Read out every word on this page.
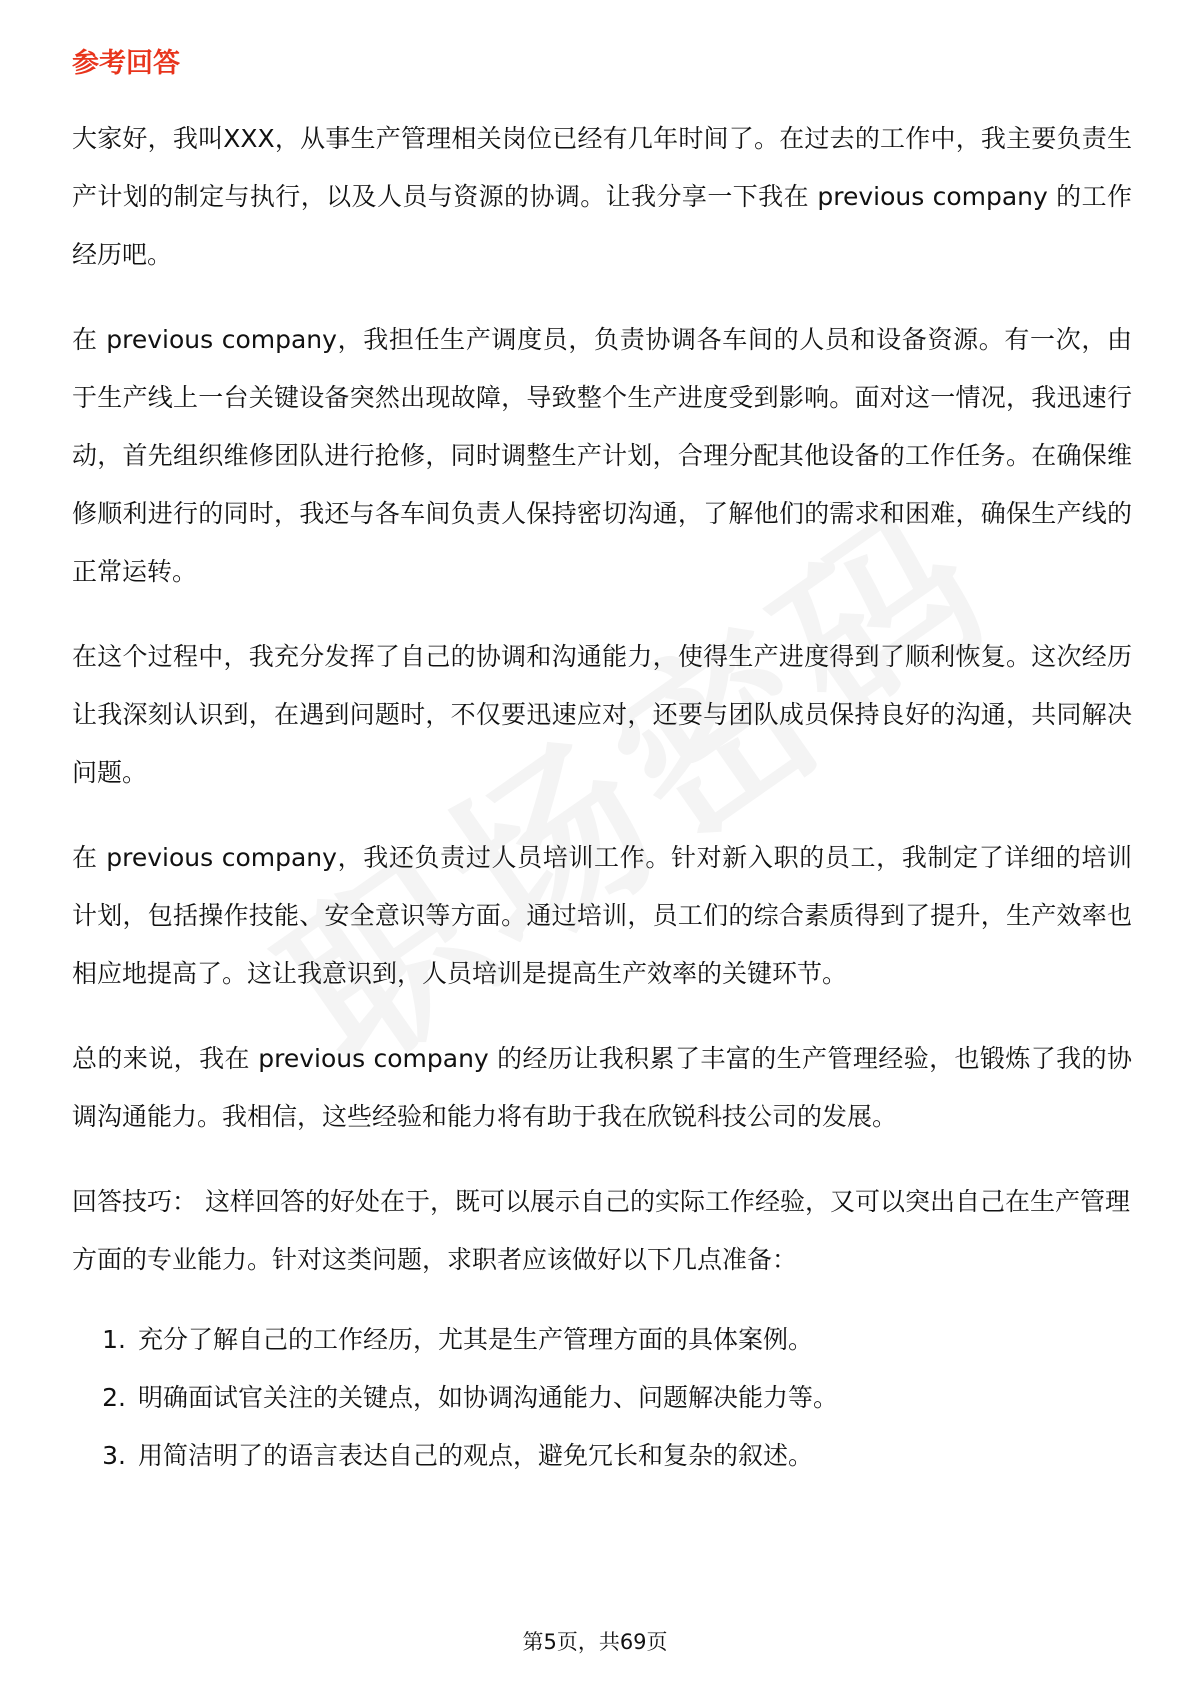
参考回答

大家好，我叫XXX，从事生产管理相关岗位已经有几年时间了。在过去的工作中，我主要负责生产计划的制定与执行，以及人员与资源的协调。让我分享一下我在 previous company 的工作经历吧。

在 previous company，我担任生产调度员，负责协调各车间的人员和设备资源。有一次，由于生产线上一台关键设备突然出现故障，导致整个生产进度受到影响。面对这一情况，我迅速行动，首先组织维修团队进行抢修，同时调整生产计划，合理分配其他设备的工作任务。在确保维修顺利进行的同时，我还与各车间负责人保持密切沟通，了解他们的需求和困难，确保生产线的正常运转。

在这个过程中，我充分发挥了自己的协调和沟通能力，使得生产进度得到了顺利恢复。这次经历让我深刻认识到，在遇到问题时，不仅要迅速应对，还要与团队成员保持良好的沟通，共同解决问题。

在 previous company，我还负责过人员培训工作。针对新入职的员工，我制定了详细的培训计划，包括操作技能、安全意识等方面。通过培训，员工们的综合素质得到了提升，生产效率也相应地提高了。这让我意识到，人员培训是提高生产效率的关键环节。

总的来说，我在 previous company 的经历让我积累了丰富的生产管理经验，也锻炼了我的协调沟通能力。我相信，这些经验和能力将有助于我在欣锐科技公司的发展。

回答技巧： 这样回答的好处在于，既可以展示自己的实际工作经验，又可以突出自己在生产管理方面的专业能力。针对这类问题，求职者应该做好以下几点准备：

1. 充分了解自己的工作经历，尤其是生产管理方面的具体案例。
2. 明确面试官关注的关键点，如协调沟通能力、问题解决能力等。
3. 用简洁明了的语言表达自己的观点，避免冗长和复杂的叙述。
第5页，共69页
